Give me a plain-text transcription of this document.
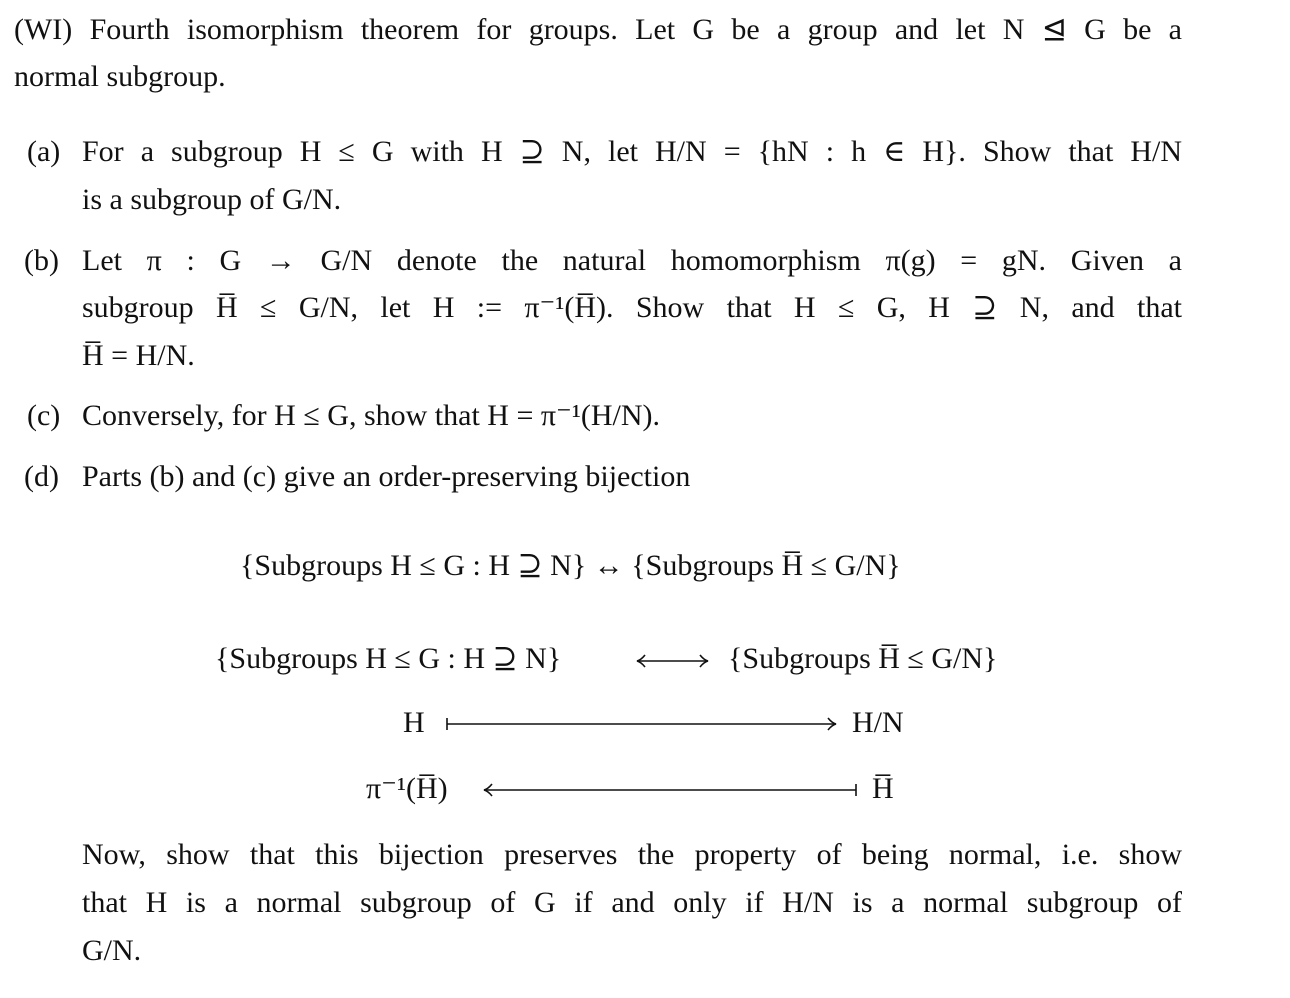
(WI) Fourth isomorphism theorem for groups. Let G be a group and let N ⊴ G be a
normal subgroup.
(a) For a subgroup H ≤ G with H ⊇ N, let H/N = {hN : h ∈ H}. Show that H/N
is a subgroup of G/N.
(b) Let π : G → G/N denote the natural homomorphism π(g) = gN. Given a
subgroup H̅ ≤ G/N, let H := π⁻¹(H̅). Show that H ≤ G, H ⊇ N, and that
H̅ = H/N.
(c) Conversely, for H ≤ G, show that H = π⁻¹(H/N).
(d) Parts (b) and (c) give an order-preserving bijection
{Subgroups H ≤ G : H ⊇ N} ↔ {Subgroups H̅ ≤ G/N}
{Subgroups H ≤ G : H ⊇ N}	{Subgroups H̅ ≤ G/N}
H	H/N
π⁻¹(H̅)	H̅
Now, show that this bijection preserves the property of being normal, i.e. show
that H is a normal subgroup of G if and only if H/N is a normal subgroup of
G/N.
